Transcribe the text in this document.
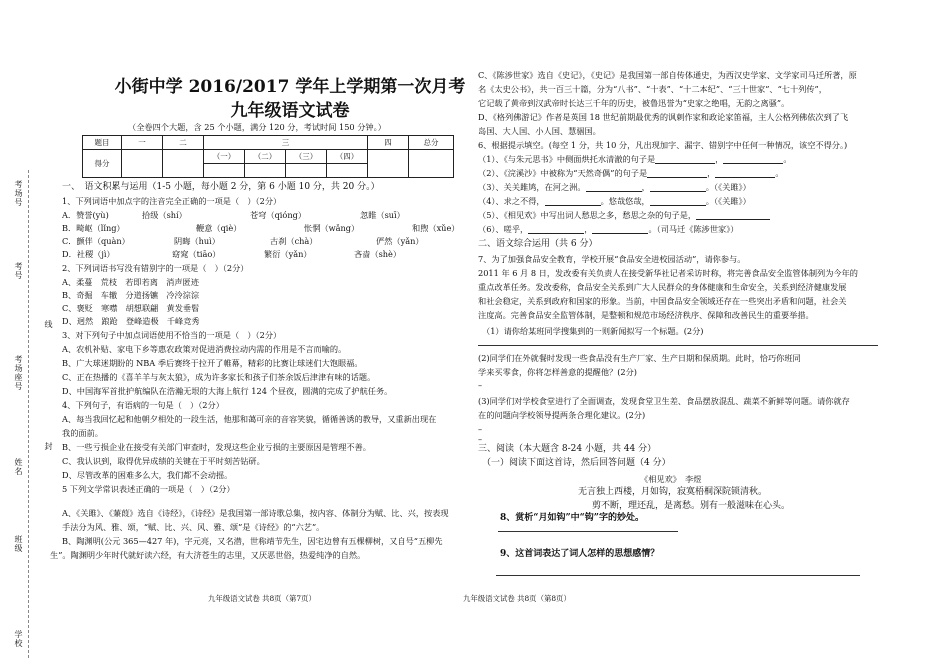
考场号
考号
考场座号
姓名
班级
学校
线
封
小街中学 2016/2017 学年上学期第一次月考
九年级语文试卷
（全卷四个大题，含 25 个小题，满分 120 分，考试时间 150 分钟。）
题目	一	二	三				四	总分
得分			（一）	（二）	（三）	（四）		

一、　语文积累与运用（1-5 小题，每小题 2 分，第 6 小题 10 分，共 20 分。）
1、下列词语中加点字的注音完全正确的一项是（　）（2分）
A．赞誉(yù)	拾级（shí）	苍穹（qióng）	忽睢（suī）
B．畸岖（lǐng）	鞭意（qiè）	怅惘（wǎng）	和煦（xǔe）
C．颤伴（quàn）	阴晦（huì）	古刹（chà）	俨然（yǎn）
D．社稷（jì）	窈窕（tiāo）	繁衍（yǎn）	吝啬（shè）
2、下列词语书写没有错别字的一项是（　）（2分）
A、柔蔓　荒枝　若即若离　消声匿迹
B、奇掘　车辙　分道扬镳　冷泠淙淙
C、褒贬　寒噤　胡想联翩　黄发垂髫
D、迥然　踉跄　登峰造极　千峰竞秀
3、对下列句子中加点词语使用不恰当的一项是（　）（2分）
A、农机补贴、家电下乡等惠农政策对促进消费拉动内需的作用是不言而喻的。
B、广大球迷期盼的 NBA 季后赛终于拉开了帷幕，精彩的比赛让球迷们大饱眼福。
C、正在热播的《喜羊羊与灰太狼》，成为许多家长和孩子们茶余饭后津津有味的话题。
D、中国海军首批护航编队在浩瀚无垠的大海上航行 124 个昼夜，圆满的完成了护航任务。
4、下列句子，有语病的一句是（　）（2分）
A、每当我回忆起和他朝夕相处的一段生活，他那和蔼可亲的音容笑貌，循循善诱的教导，又重新出现在
我的面前。
B、一些亏损企业在接受有关部门审查时，发现这些企业亏损的主要原因是管理不善。
C、我认识到，取得优异成绩的关键在于平时刻苦钻研。
D、尽管改革的困难多么大，我们都不会动摇。
5 下列文学常识表述正确的一项是（　）（2分）
A、《关雎》、《蒹葭》选自《诗经》，《诗经》是我国第一部诗歌总集，按内容、体制分为赋、比、兴，按表现
手法分为风、雅、颂，“赋、比、兴、风、雅、颂”是《诗经》的“六艺”。
B、陶渊明(公元 365—427 年)，字元亮，又名潜，世称靖节先生，因宅边曾有五棵柳树，又自号“五柳先
生”。陶渊明少年时代就好读六经，有大济苍生的志里，又厌恶世俗，热爱纯净的自然。
九年级语文试卷 共8页（第7页）
C、《陈涉世家》选自《史记》，《史记》是我国第一部自传体通史，为西汉史学家、文学家司马迁所著，原
名《太史公书》，共一百三十篇，分为“八书”、“十表”、“十二本纪”、“三十世家”、“七十列传”，
它记载了黄帝到汉武帝时长达三千年的历史，被鲁迅誉为“史家之绝唱，无韵之离骚”。
D、《格列佛游记》作者是英国 18 世纪前期最优秀的讽刺作家和政论家笛福，主人公格列佛依次到了飞
岛国、大人国、小人国、慧骃国。
6、根据提示填空。(每空 1 分，共 10 分，凡出现加字、漏字、错别字中任何一种情况，该空不得分。)
（1）、《与朱元思书》中侧面烘托水清澈的句子是	，	。
（2）、《浣溪沙》中被称为“天然奇偶”的句子是	，	。
（3）、关关雎鸠，在河之洲。	，	。（《关雎》）
（4）、求之不得，	。悠哉悠哉，	。（《关雎》）
（5）、《相见欢》中写出词人愁思之多，愁思之杂的句子是，
（6）、嗟乎，	，	。（司马迁《陈涉世家》）
二、语文综合运用（共 6 分）
7、为了加强食品安全教育，学校开展“食品安全进校园活动”，请你参与。
2011 年 6 月 8 日，发改委有关负责人在接受新华社记者采访时称，将完善食品安全监管体制列为今年的
重点改革任务。发改委称，食品安全关系到广大人民群众的身体健康和生命安全，关系到经济健康发展
和社会稳定，关系到政府和国家的形象。当前，中国食品安全领域还存在一些突出矛盾和问题，社会关
注度高。完善食品安全监管体制，是整顿和规范市场经济秩序、保障和改善民生的重要举措。
（1）请你给某班同学搜集到的一则新闻拟写一个标题。(2分)
(2)同学们在外就餐时发现一些食品没有生产厂家、生产日期和保质期。此时，恰巧你班同
学来买零食，你将怎样善意的提醒他？(2分)
–
(3)同学们对学校食堂进行了全面调查，发现食堂卫生差、食品摆放混乱、蔬菜不新鲜等问题。请你就存
在的问题向学校领导提两条合理化建议。(2分)
–
–
三、阅读（本大题含 8-24 小题，共 44 分）
（一）阅读下面这首诗，然后回答问题（4 分）
《相见欢》　李煜
无言独上西楼，月如钩，寂寞梧桐深院锁清秋。
剪不断，理还乱，是离愁。别有一般滋味在心头。
8、赏析“月如钩”中“钩”字的妙处。
9、这首词表达了词人怎样的思想感情？
九年级语文试卷 共8页（第8页）
